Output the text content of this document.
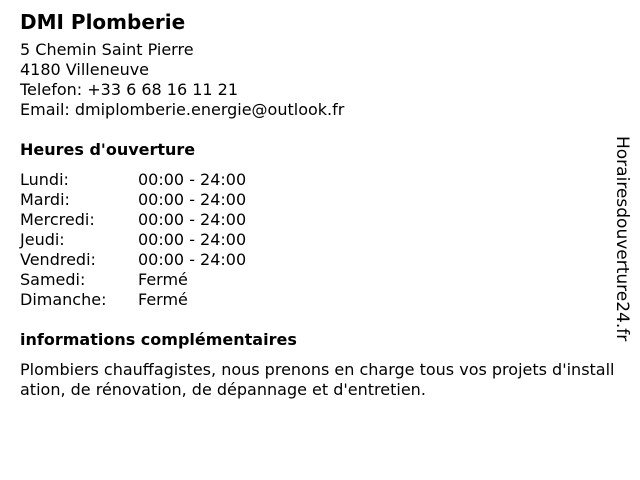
DMI Plomberie
5 Chemin Saint Pierre
4180 Villeneuve
Telefon: +33 6 68 16 11 21
Email: dmiplomberie.energie@outlook.fr
Heures d'ouverture
Lundi:	00:00 - 24:00
Mardi:	00:00 - 24:00
Mercredi:	00:00 - 24:00
Jeudi:	00:00 - 24:00
Vendredi:	00:00 - 24:00
Samedi:	Fermé
Dimanche:	Fermé
informations complémentaires
Plombiers chauffagistes, nous prenons en charge tous vos projets d'installation, de rénovation, de dépannage et d'entretien.
Horairesdouverture24.fr
